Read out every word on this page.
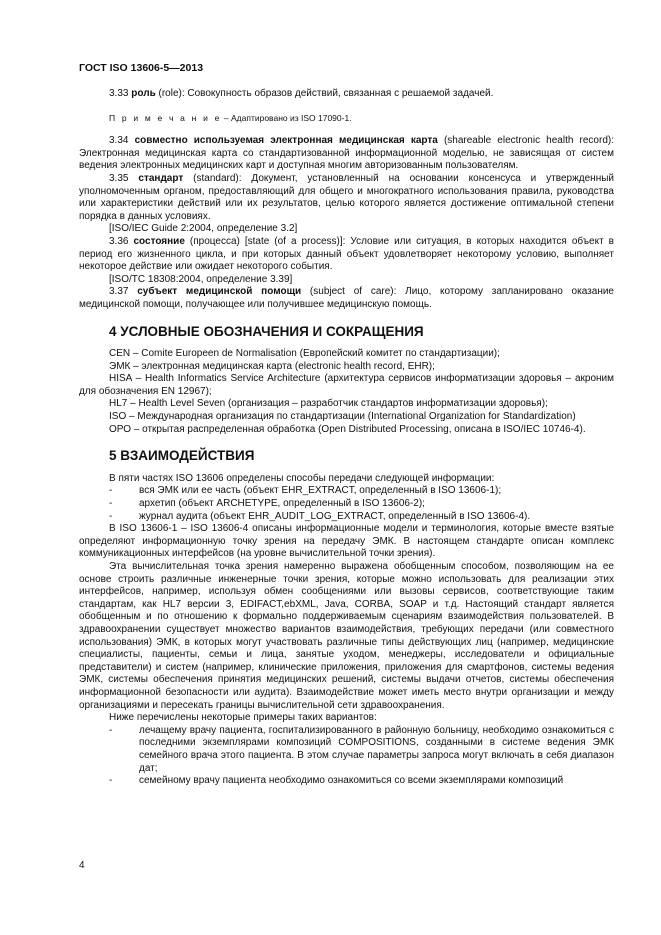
ГОСТ ISO 13606-5—2013

3.33 роль (role): Совокупность образов действий, связанная с решаемой задачей.

П р и м е ч а н и е – Адаптировано из ISO 17090-1.

3.34 совместно используемая электронная медицинская карта (shareable electronic health record): Электронная медицинская карта со стандартизованной информационной моделью, не зависящая от систем ведения электронных медицинских карт и доступная многим авторизованным пользователям.

3.35 стандарт (standard): Документ, установленный на основании консенсуса и утвержденный уполномоченным органом, предоставляющий для общего и многократного использования правила, руководства или характеристики действий или их результатов, целью которого является достижение оптимальной степени порядка в данных условиях.

[ISO/IEC Guide 2:2004, определение 3.2]

3.36 состояние (процесса) [state (of a process)]: Условие или ситуация, в которых находится объект в период его жизненного цикла, и при которых данный объект удовлетворяет некоторому условию, выполняет некоторое действие или ожидает некоторого события.

[ISO/TC 18308:2004, определение 3.39]

3.37 субъект медицинской помощи (subject of care): Лицо, которому запланировано оказание медицинской помощи, получающее или получившее медицинскую помощь.

4 УСЛОВНЫЕ ОБОЗНАЧЕНИЯ И СОКРАЩЕНИЯ

CEN – Comite Europeen de Normalisation (Европейский комитет по стандартизации);

ЭМК – электронная медицинская карта (electronic health record, EHR);

HISA – Health Informatics Service Architecture (архитектура сервисов информатизации здоровья – акроним для обозначения EN 12967);

HL7 – Health Level Seven (организация – разработчик стандартов информатизации здоровья);

ISO – Международная организация по стандартизации (International Organization for Standardization)

ОРО – открытая распределенная обработка (Open Distributed Processing, описана в ISO/IEC 10746-4).

5 ВЗАИМОДЕЙСТВИЯ

В пяти частях ISO 13606 определены способы передачи следующей информации:

-	вся ЭМК или ее часть (объект EHR_EXTRACT, определенный в ISO 13606-1);
-	архетип (объект ARCHETYPE, определенный в ISO 13606-2);
-	журнал аудита (объект EHR_AUDIT_LOG_EXTRACT, определенный в ISO 13606-4).

В ISO 13606-1 – ISO 13606-4 описаны информационные модели и терминология, которые вместе взятые определяют информационную точку зрения на передачу ЭМК. В настоящем стандарте описан комплекс коммуникационных интерфейсов (на уровне вычислительной точки зрения).

Эта вычислительная точка зрения намеренно выражена обобщенным способом, позволяющим на ее основе строить различные инженерные точки зрения, которые можно использовать для реализации этих интерфейсов, например, используя обмен сообщениями или вызовы сервисов, соответствующие таким стандартам, как HL7 версии 3, EDIFACT,ebXML, Java, CORBA, SOAP и т.д. Настоящий стандарт является обобщенным и по отношению к формально поддерживаемым сценариям взаимодействия пользователей. В здравоохранении существует множество вариантов взаимодействия, требующих передачи (или совместного использования) ЭМК, в которых могут участвовать различные типы действующих лиц (например, медицинские специалисты, пациенты, семьи и лица, занятые уходом, менеджеры, исследователи и официальные представители) и систем (например, клинические приложения, приложения для смартфонов, системы ведения ЭМК, системы обеспечения принятия медицинских решений, системы выдачи отчетов, системы обеспечения информационной безопасности или аудита). Взаимодействие может иметь место внутри организации и между организациями и пересекать границы вычислительной сети здравоохранения.

Ниже перечислены некоторые примеры таких вариантов:

-	лечащему врачу пациента, госпитализированного в районную больницу, необходимо ознакомиться с последними экземплярами композиций COMPOSITIONS, созданными в системе ведения ЭМК семейного врача этого пациента. В этом случае параметры запроса могут включать в себя диапазон дат;
-	семейному врачу пациента необходимо ознакомиться со всеми экземплярами композиций
4
